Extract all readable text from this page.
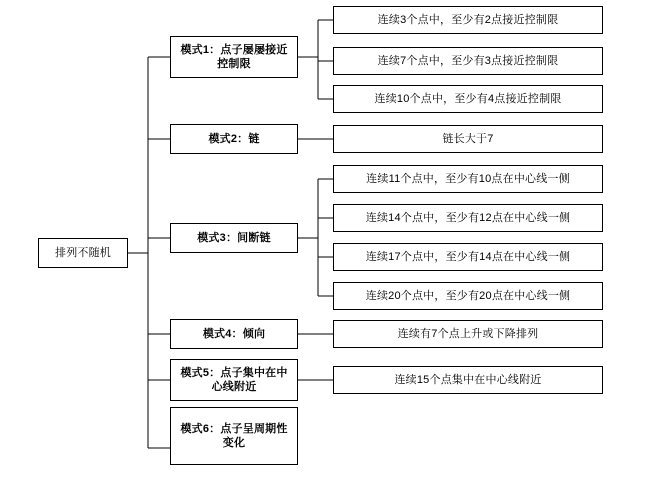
排列不随机
模式1：点子屡屡接近控制限
模式2：链
模式3：间断链
模式4：倾向
模式5：点子集中在中心线附近
模式6：点子呈周期性变化
连续3个点中，至少有2点接近控制限
连续7个点中，至少有3点接近控制限
连续10个点中，至少有4点接近控制限
链长大于7
连续11个点中，至少有10点在中心线一侧
连续14个点中，至少有12点在中心线一侧
连续17个点中，至少有14点在中心线一侧
连续20个点中，至少有20点在中心线一侧
连续有7个点上升或下降排列
连续15个点集中在中心线附近
